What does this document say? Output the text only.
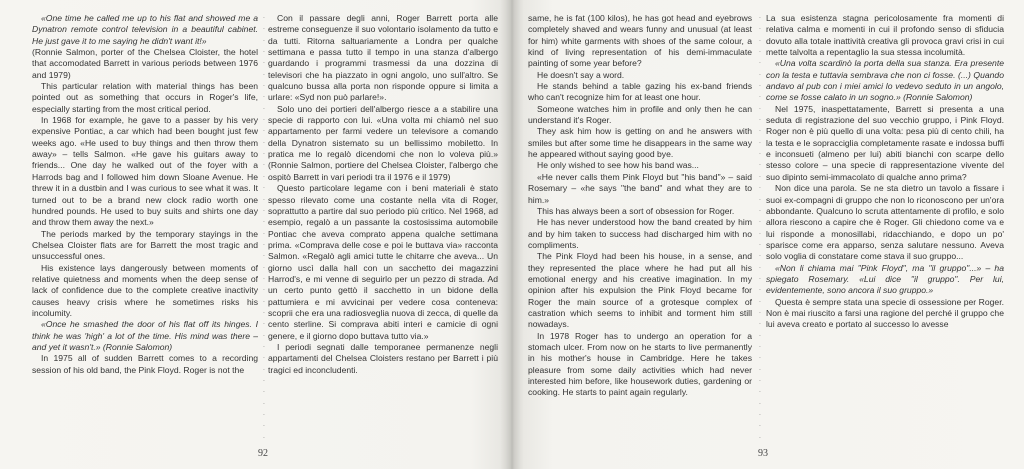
«One time he called me up to his flat and showed me a Dynatron remote control television in a beautiful cabinet. He just gave it to me saying he didn't want it!»

(Ronnie Salmon, porter of the Chelsea Cloister, the hotel that accomodated Barrett in various periods between 1976 and 1979)

This particular relation with material things has been pointed out as something that occurs in Roger's life, especially starting from the most critical period.

In 1968 for example, he gave to a passer by his very expensive Pontiac, a car which had been bought just few weeks ago. «He used to buy things and then throw them away» – tells Salmon. «He gave his guitars away to friends... One day he walked out of the foyer with a Harrods bag and I followed him down Sloane Avenue. He threw it in a dustbin and I was curious to see what it was. It turned out to be a brand new clock radio worth one hundred pounds. He used to buy suits and shirts one day and throw them away the next.»

The periods marked by the temporary stayings in the Chelsea Cloister flats are for Barrett the most tragic and unsuccessful ones.

His existence lays dangerously between moments of relative quietness and moments when the deep sense of lack of confidence due to the complete creative inactivity causes heavy crisis where he sometimes risks his incolumity.

«Once he smashed the door of his flat off its hinges. I think he was 'high' a lot of the time. His mind was there – and yet it wasn't.» (Ronnie Salomon)

In 1975 all of sudden Barrett comes to a recording session of his old band, the Pink Floyd. Roger is not the

·
·
·
·
·
·
·
·
·
·
·
·
·
·
·
·
·
·
·
·
·
·
·
·
·
·
·
·
·
·
·
·
·
·
·
·
·
·

Con il passare degli anni, Roger Barrett porta alle estreme conseguenze il suo volontario isolamento da tutto e da tutti. Ritorna saltuariamente a Londra per qualche settimana e passa tutto il tempo in una stanza d'albergo guardando i programmi trasmessi da una dozzina di televisori che ha piazzato in ogni angolo, uno sull'altro. Se qualcuno bussa alla porta non risponde oppure si limita a urlare: «Syd non può parlare!».

Solo uno dei portieri dell'albergo riesce a a stabilire una specie di rapporto con lui. «Una volta mi chiamò nel suo appartamento per farmi vedere un televisore a comando della Dynatron sistemato su un bellissimo mobiletto. In pratica me lo regalò dicendomi che non lo voleva più.» (Ronnie Salmon, portiere del Chelsea Cloister, l'albergo che ospitò Barrett in vari periodi tra il 1976 e il 1979)

Questo particolare legame con i beni materiali è stato spesso rilevato come una costante nella vita di Roger, soprattutto a partire dal suo periodo più critico. Nel 1968, ad esempio, regalò a un passante la costosissima automobile Pontiac che aveva comprato appena qualche settimana prima. «Comprava delle cose e poi le buttava via» racconta Salmon. «Regalò agli amici tutte le chitarre che aveva... Un giorno uscì dalla hall con un sacchetto dei magazzini Harrod's, e mi venne di seguirlo per un pezzo di strada. Ad un certo punto gettò il sacchetto in un bidone della pattumiera e mi avvicinai per vedere cosa conteneva: scoprii che era una radiosveglia nuova di zecca, di quelle da cento sterline. Si comprava abiti interi e camicie di ogni genere, e il giorno dopo buttava tutto via.»

I periodi segnati dalle temporanee permanenze negli appartamenti del Chelsea Cloisters restano per Barrett i più tragici ed inconcludenti.

92

same, he is fat (100 kilos), he has got head and eyebrows completely shaved and wears funny and unusual (at least for him) white garments with shoes of the same colour, a kind of living representation of his demi-immaculate painting of some year before?

He doesn't say a word.

He stands behind a table gazing his ex-band friends who can't recognize him for at least one hour.

Someone watches him in profile and only then he can understand it's Roger.

They ask him how is getting on and he answers with smiles but after some time he disappears in the same way he appeared without saying good bye.

He only wished to see how his band was...

«He never calls them Pink Floyd but "his band"» – said Rosemary – «he says "the band" and what they are to him.»

This has always been a sort of obsession for Roger.

He has never understood how the band created by him and by him taken to success had discharged him with no compliments.

The Pink Floyd had been his house, in a sense, and they represented the place where he had put all his emotional energy and his creative imagination. In my opinion after his expulsion the Pink Floyd became for Roger the main source of a grotesque complex of castration which seems to inhibit and torment him still nowadays.

In 1978 Roger has to undergo an operation for a stomach ulcer. From now on he starts to live permanently in his mother's house in Cambridge. Here he takes pleasure from some daily activities which had never interested him before, like housework duties, gardening or cooking. He starts to paint again regularly.

·
·
·
·
·
·
·
·
·
·
·
·
·
·
·
·
·
·
·
·
·
·
·
·
·
·
·
·
·
·
·
·
·
·
·
·
·
·

La sua esistenza stagna pericolosamente fra momenti di relativa calma e momenti in cui il profondo senso di sfiducia dovuto alla totale inattività creativa gli provoca gravi crisi in cui mette talvolta a repentaglio la sua stessa incolumità.

«Una volta scardinò la porta della sua stanza. Era presente con la testa e tuttavia sembrava che non ci fosse. (...) Quando andavo al pub con i miei amici lo vedevo seduto in un angolo, come se fosse calato in un sogno.» (Ronnie Salomon)

Nel 1975, inaspettatamente, Barrett si presenta a una seduta di registrazione del suo vecchio gruppo, i Pink Floyd. Roger non è più quello di una volta: pesa più di cento chili, ha la testa e le sopracciglia completamente rasate e indossa buffi e inconsueti (almeno per lui) abiti bianchi con scarpe dello stesso colore – una specie di rappresentazione vivente del suo dipinto semi-immacolato di qualche anno prima?

Non dice una parola. Se ne sta dietro un tavolo a fissare i suoi ex-compagni di gruppo che non lo riconoscono per un'ora abbondante. Qualcuno lo scruta attentamente di profilo, e solo allora riescono a capire che è Roger. Gli chiedono come va e lui risponde a monosillabi, ridacchiando, e dopo un po' sparisce come era apparso, senza salutare nessuno. Aveva solo voglia di constatare come stava il suo gruppo...

«Non li chiama mai "Pink Floyd", ma "il gruppo"...» – ha spiegato Rosemary. «Lui dice "il gruppo". Per lui, evidentemente, sono ancora il suo gruppo.»

Questa è sempre stata una specie di ossessione per Roger. Non è mai riuscito a farsi una ragione del perché il gruppo che lui aveva creato e portato al successo lo avesse

93
